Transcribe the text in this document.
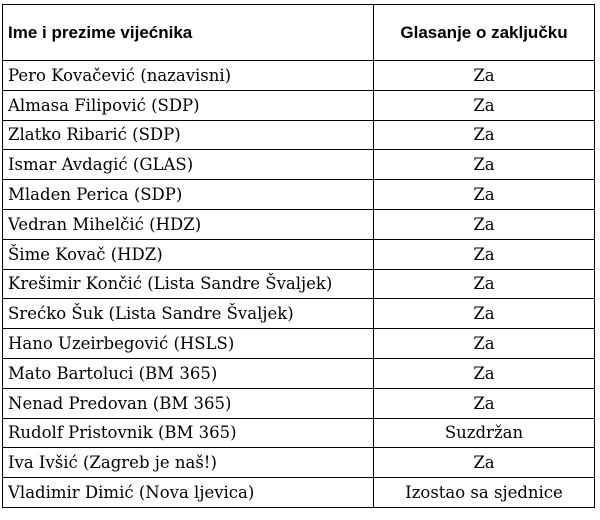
Ime i prezime vijećnika	Glasanje o zaključku
Pero Kovačević (nazavisni)	Za
Almasa Filipović (SDP)	Za
Zlatko Ribarić (SDP)	Za
Ismar Avdagić (GLAS)	Za
Mladen Perica (SDP)	Za
Vedran Mihelčić (HDZ)	Za
Šime Kovač (HDZ)	Za
Krešimir Končić (Lista Sandre Švaljek)	Za
Srećko Šuk (Lista Sandre Švaljek)	Za
Hano Uzeirbegović (HSLS)	Za
Mato Bartoluci (BM 365)	Za
Nenad Predovan (BM 365)	Za
Rudolf Pristovnik (BM 365)	Suzdržan
Iva Ivšić (Zagreb je naš!)	Za
Vladimir Dimić (Nova ljevica)	Izostao sa sjednice
